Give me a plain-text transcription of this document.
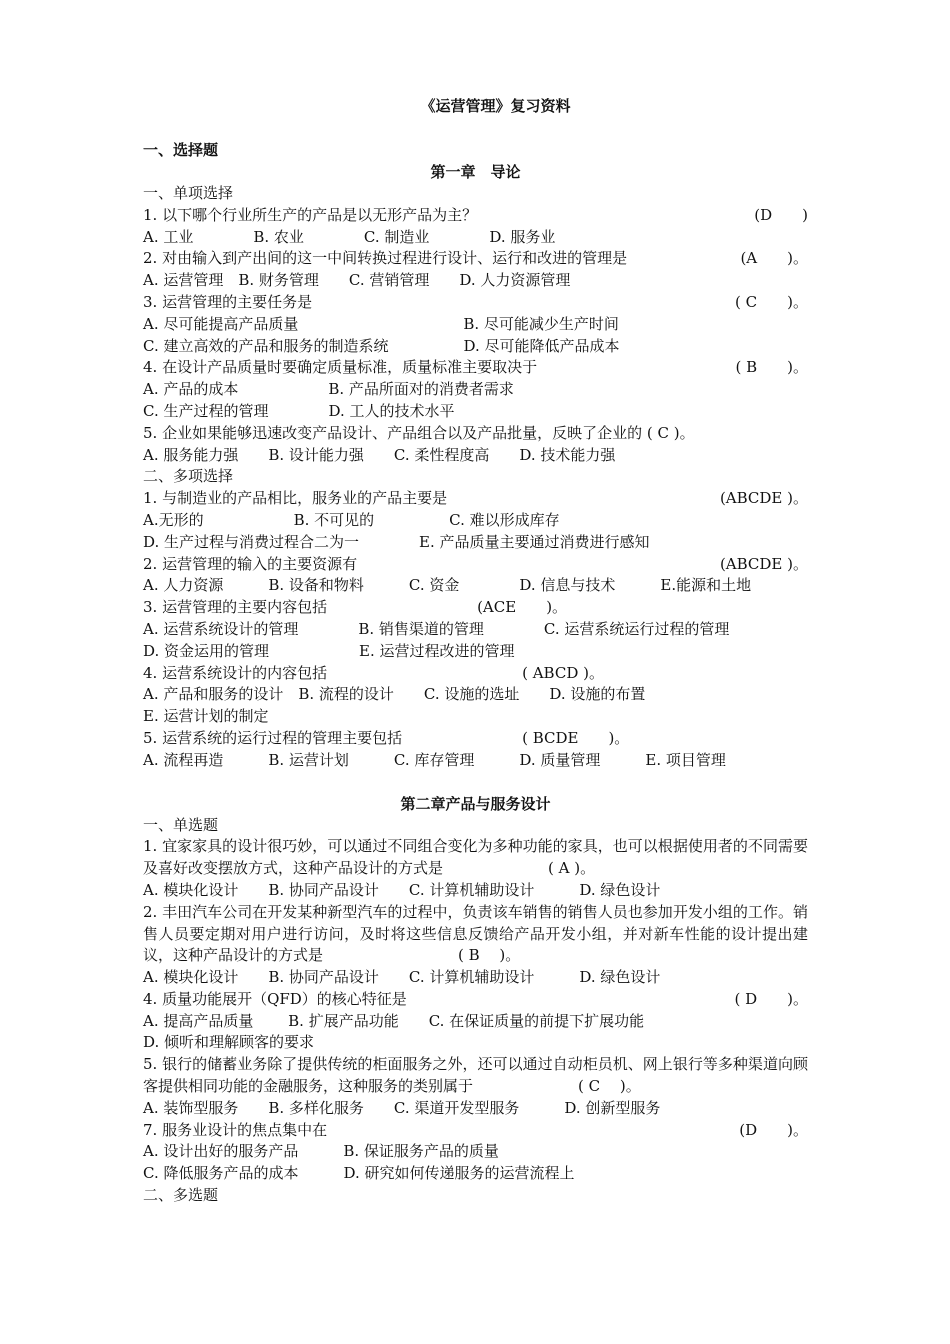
《运营管理》复习资料
一、选择题
第一章　导论
一、单项选择
1. 以下哪个行业所生产的产品是以无形产品为主？	(D　　)
A. 工业　　　　B. 农业　　　　C. 制造业　　　　D. 服务业
2. 对由输入到产出间的这一中间转换过程进行设计、运行和改进的管理是	(A　　)。
A. 运营管理　B. 财务管理　　C. 营销管理　　D. 人力资源管理
3. 运营管理的主要任务是	( C　　)。
A. 尽可能提高产品质量　　　　　　　　　　　B. 尽可能减少生产时间
C. 建立高效的产品和服务的制造系统　　　　　D. 尽可能降低产品成本
4. 在设计产品质量时要确定质量标准，质量标准主要取决于	( B　　)。
A. 产品的成本　　　　　　B. 产品所面对的消费者需求
C. 生产过程的管理　　　　D. 工人的技术水平
5. 企业如果能够迅速改变产品设计、产品组合以及产品批量，反映了企业的 ( C )。
A. 服务能力强　　B. 设计能力强　　C. 柔性程度高　　D. 技术能力强
二、多项选择
1. 与制造业的产品相比，服务业的产品主要是	(ABCDE )。
A.无形的　　　　　　B. 不可见的　　　　　C. 难以形成库存
D. 生产过程与消费过程合二为一　　　　E. 产品质量主要通过消费进行感知
2. 运营管理的输入的主要资源有	(ABCDE )。
A. 人力资源　　　B. 设备和物料　　　C. 资金　　　　D. 信息与技术　　　E.能源和土地
3. 运营管理的主要内容包括　　　　　　　　　　(ACE　　)。
A. 运营系统设计的管理　　　　B. 销售渠道的管理　　　　C. 运营系统运行过程的管理
D. 资金运用的管理　　　　　　E. 运营过程改进的管理
4. 运营系统设计的内容包括　　　　　　　　　　　　　( ABCD )。
A. 产品和服务的设计　B. 流程的设计　　C. 设施的选址　　D. 设施的布置
E. 运营计划的制定
5. 运营系统的运行过程的管理主要包括　　　　　　　　( BCDE　　)。
A. 流程再造　　　B. 运营计划　　　C. 库存管理　　　D. 质量管理　　　E. 项目管理
第二章产品与服务设计
一、单选题
1. 宜家家具的设计很巧妙，可以通过不同组合变化为多种功能的家具，也可以根据使用者的不同需要及喜好改变摆放方式，这种产品设计的方式是　　　　　　　( A )。
A. 模块化设计　　B. 协同产品设计　　C. 计算机辅助设计　　　D. 绿色设计
2. 丰田汽车公司在开发某种新型汽车的过程中，负责该车销售的销售人员也参加开发小组的工作。销售人员要定期对用户进行访问，及时将这些信息反馈给产品开发小组，并对新车性能的设计提出建议，这种产品设计的方式是　　　　　　　　　( B　 )。
A. 模块化设计　　B. 协同产品设计　　C. 计算机辅助设计　　　D. 绿色设计
4. 质量功能展开（QFD）的核心特征是	( D　　)。
A. 提高产品质量　　 B. 扩展产品功能　　C. 在保证质量的前提下扩展功能
D. 倾听和理解顾客的要求
5. 银行的储蓄业务除了提供传统的柜面服务之外，还可以通过自动柜员机、网上银行等多种渠道向顾客提供相同功能的金融服务，这种服务的类别属于　　　　　　　( C　 )。
A. 装饰型服务　　B. 多样化服务　　C. 渠道开发型服务　　　D. 创新型服务
7. 服务业设计的焦点集中在	(D　　)。
A. 设计出好的服务产品　　　B. 保证服务产品的质量
C. 降低服务产品的成本　　　D. 研究如何传递服务的运营流程上
二、多选题
